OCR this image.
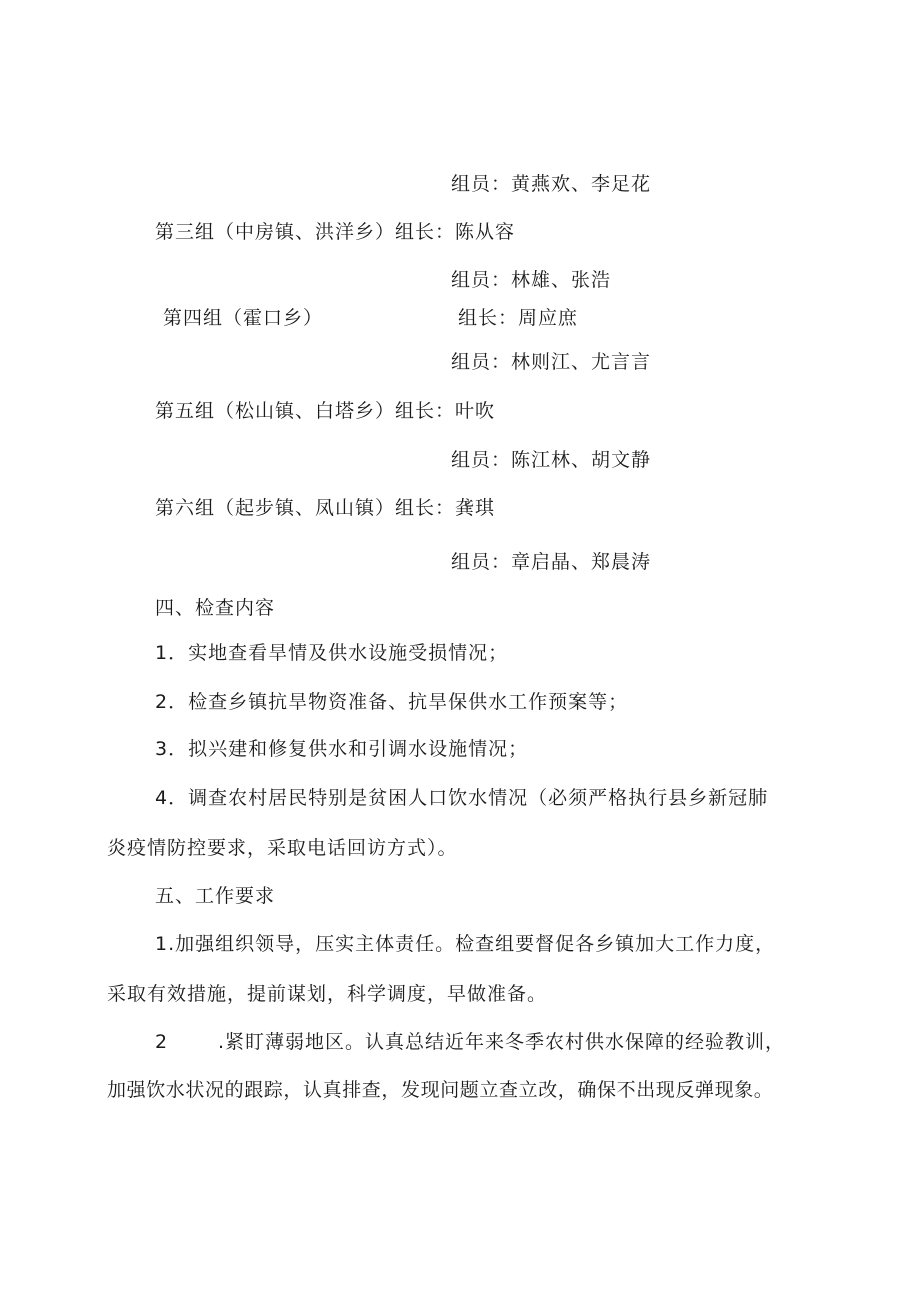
组员：黄燕欢、李足花
第三组（中房镇、洪洋乡）组长：陈从容
组员：林雄、张浩
第四组（霍口乡）	组长：周应庶
组员：林则江、尤言言
第五组（松山镇、白塔乡）组长：叶吹
组员：陈江林、胡文静
第六组（起步镇、凤山镇）组长：龚琪
组员：章启晶、郑晨涛
四、检查内容
1．实地查看旱情及供水设施受损情况；
2．检查乡镇抗旱物资准备、抗旱保供水工作预案等；
3．拟兴建和修复供水和引调水设施情况；
4．调查农村居民特别是贫困人口饮水情况（必须严格执行县乡新冠肺
炎疫情防控要求，采取电话回访方式）。
五、工作要求
1.加强组织领导，压实主体责任。检查组要督促各乡镇加大工作力度，
采取有效措施，提前谋划，科学调度，早做准备。
2	.紧盯薄弱地区。认真总结近年来冬季农村供水保障的经验教训，
加强饮水状况的跟踪，认真排查，发现问题立查立改，确保不出现反弹现象。
